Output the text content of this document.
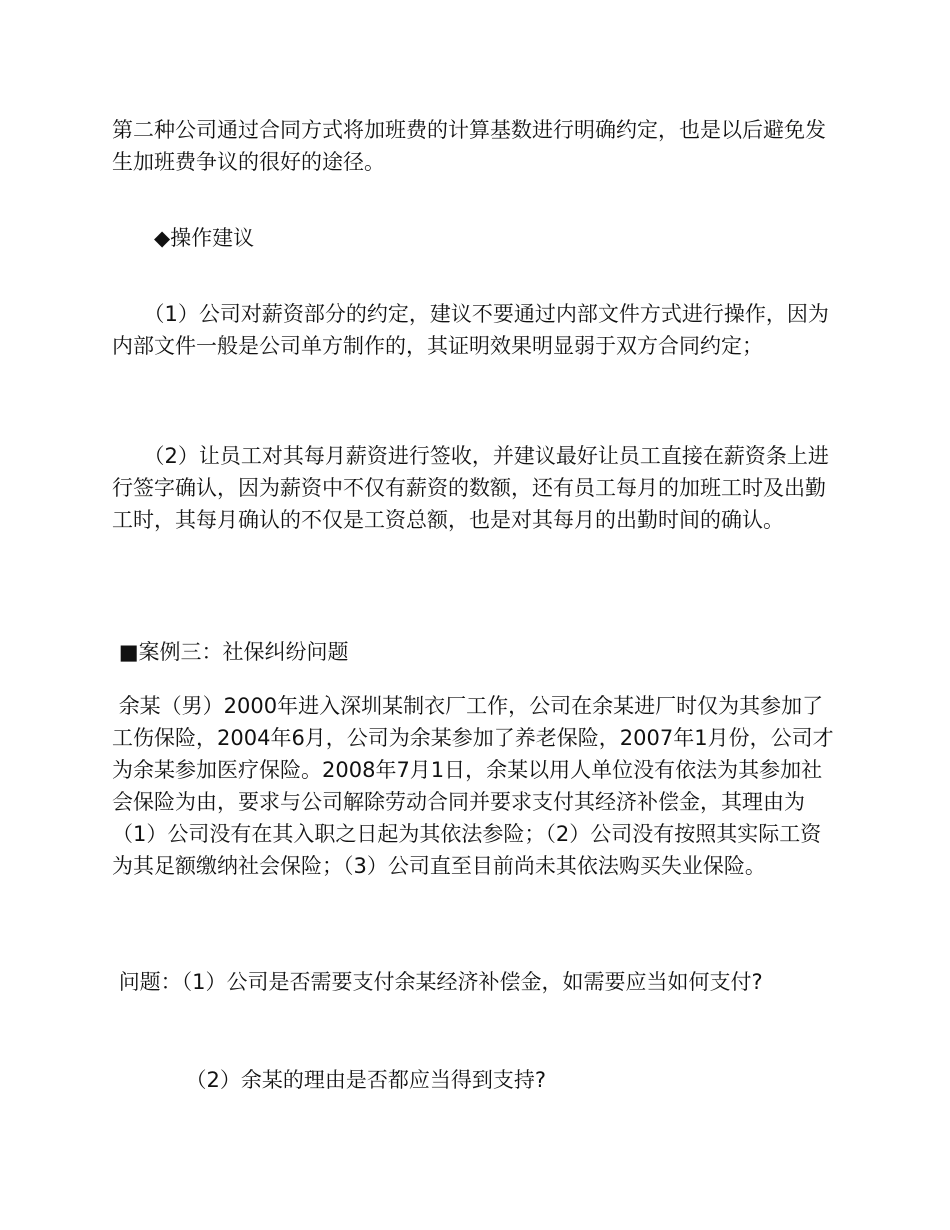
第二种公司通过合同方式将加班费的计算基数进行明确约定，也是以后避免发生加班费争议的很好的途径。

　　◆操作建议

　　（1）公司对薪资部分的约定，建议不要通过内部文件方式进行操作，因为内部文件一般是公司单方制作的，其证明效果明显弱于双方合同约定；

　　（2）让员工对其每月薪资进行签收，并建议最好让员工直接在薪资条上进行签字确认，因为薪资中不仅有薪资的数额，还有员工每月的加班工时及出勤工时，其每月确认的不仅是工资总额，也是对其每月的出勤时间的确认。

■案例三：社保纠纷问题

余某（男）2000年进入深圳某制衣厂工作，公司在余某进厂时仅为其参加了工伤保险，2004年6月，公司为余某参加了养老保险，2007年1月份，公司才为余某参加医疗保险。2008年7月1日，余某以用人单位没有依法为其参加社会保险为由，要求与公司解除劳动合同并要求支付其经济补偿金，其理由为（1）公司没有在其入职之日起为其依法参险；（2）公司没有按照其实际工资为其足额缴纳社会保险；（3）公司直至目前尚未其依法购买失业保险。

问题：（1）公司是否需要支付余某经济补偿金，如需要应当如何支付?

　　　　（2）余某的理由是否都应当得到支持?
